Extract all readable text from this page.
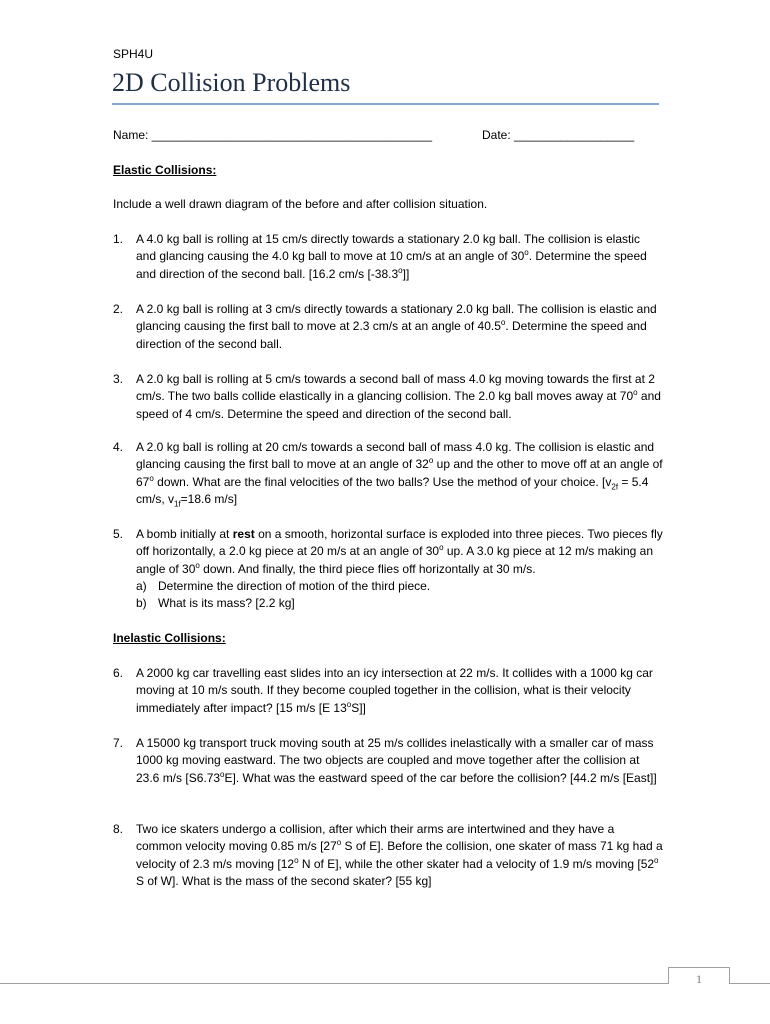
SPH4U
2D Collision Problems
Name: __________________________________________	Date: __________________
Elastic Collisions:
Include a well drawn diagram of the before and after collision situation.
1. A 4.0 kg ball is rolling at 15 cm/s directly towards a stationary 2.0 kg ball. The collision is elastic and glancing causing the 4.0 kg ball to move at 10 cm/s at an angle of 30$^o$. Determine the speed and direction of the second ball. [16.2 cm/s [-38.3$^o$]]
2. A 2.0 kg ball is rolling at 3 cm/s directly towards a stationary 2.0 kg ball. The collision is elastic and glancing causing the first ball to move at 2.3 cm/s at an angle of 40.5$^o$. Determine the speed and direction of the second ball.
3. A 2.0 kg ball is rolling at 5 cm/s towards a second ball of mass 4.0 kg moving towards the first at 2 cm/s. The two balls collide elastically in a glancing collision. The 2.0 kg ball moves away at 70$^o$ and speed of 4 cm/s. Determine the speed and direction of the second ball.
4. A 2.0 kg ball is rolling at 20 cm/s towards a second ball of mass 4.0 kg. The collision is elastic and glancing causing the first ball to move at an angle of 32$^o$ up and the other to move off at an angle of 67$^o$ down. What are the final velocities of the two balls? Use the method of your choice. [$v_{2f} = 5.4$ cm/s, $v_{1f}=18.6$ m/s]
5. A bomb initially at rest on a smooth, horizontal surface is exploded into three pieces. Two pieces fly off horizontally, a 2.0 kg piece at 20 m/s at an angle of 30$^o$ up. A 3.0 kg piece at 12 m/s making an angle of 30$^o$ down. And finally, the third piece flies off horizontally at 30 m/s.
a) Determine the direction of motion of the third piece.
b) What is its mass? [2.2 kg]
Inelastic Collisions:
6. A 2000 kg car travelling east slides into an icy intersection at 22 m/s. It collides with a 1000 kg car moving at 10 m/s south. If they become coupled together in the collision, what is their velocity immediately after impact? [15 m/s [E 13$^o$S]]
7. A 15000 kg transport truck moving south at 25 m/s collides inelastically with a smaller car of mass 1000 kg moving eastward. The two objects are coupled and move together after the collision at 23.6 m/s [S6.73$^o$E]. What was the eastward speed of the car before the collision? [44.2 m/s [East]]
8. Two ice skaters undergo a collision, after which their arms are intertwined and they have a common velocity moving 0.85 m/s [27$^o$ S of E]. Before the collision, one skater of mass 71 kg had a velocity of 2.3 m/s moving [12$^o$ N of E], while the other skater had a velocity of 1.9 m/s moving [52$^o$ S of W]. What is the mass of the second skater? [55 kg]
1
